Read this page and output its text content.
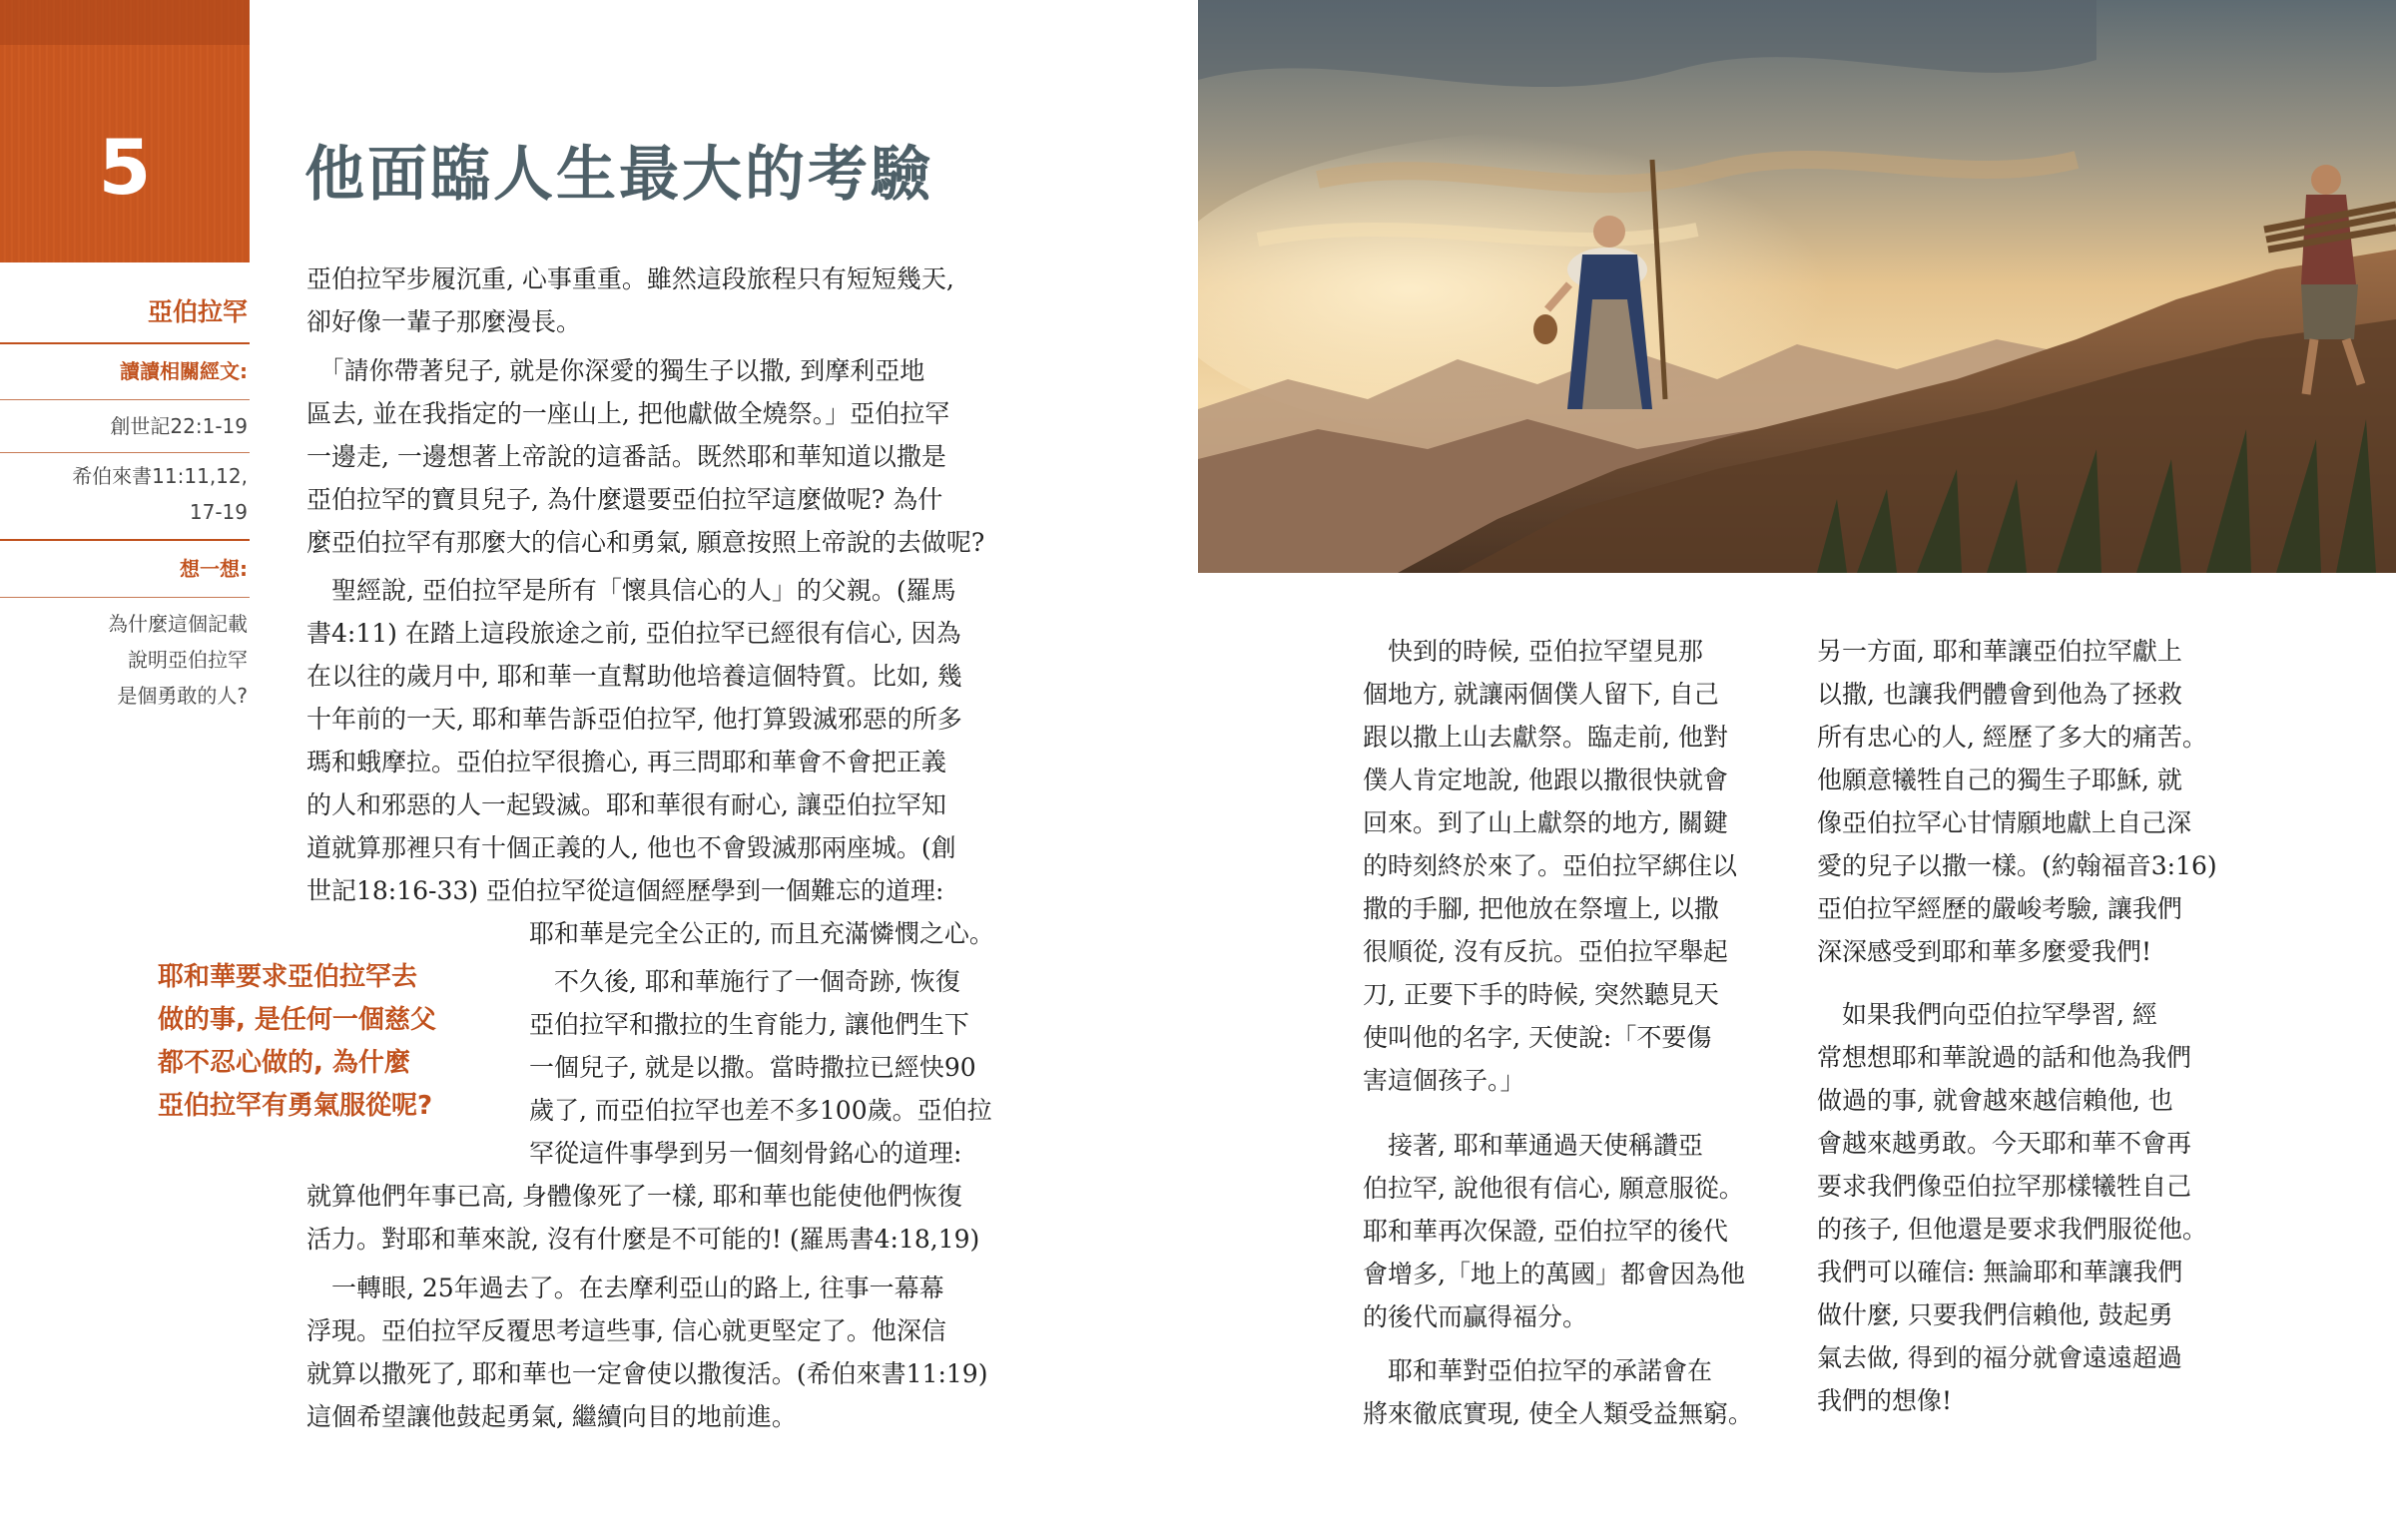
5
亞伯拉罕
讀讀相關經文:
創世記22:1-19
希伯來書11:11,12,
17-19
想一想:
為什麼這個記載
說明亞伯拉罕
是個勇敢的人?
他面臨人生最大的考驗
亞伯拉罕步履沉重, 心事重重。雖然這段旅程只有短短幾天,
卻好像一輩子那麼漫長。
　「請你帶著兒子, 就是你深愛的獨生子以撒, 到摩利亞地
區去, 並在我指定的一座山上, 把他獻做全燒祭。」亞伯拉罕
一邊走, 一邊想著上帝說的這番話。既然耶和華知道以撒是
亞伯拉罕的寶貝兒子, 為什麼還要亞伯拉罕這麼做呢? 為什
麼亞伯拉罕有那麼大的信心和勇氣, 願意按照上帝說的去做呢?
　聖經說, 亞伯拉罕是所有「懷具信心的人」的父親。(羅馬
書4:11) 在踏上這段旅途之前, 亞伯拉罕已經很有信心, 因為
在以往的歲月中, 耶和華一直幫助他培養這個特質。比如, 幾
十年前的一天, 耶和華告訴亞伯拉罕, 他打算毀滅邪惡的所多
瑪和蛾摩拉。亞伯拉罕很擔心, 再三問耶和華會不會把正義
的人和邪惡的人一起毀滅。耶和華很有耐心, 讓亞伯拉罕知
道就算那裡只有十個正義的人, 他也不會毀滅那兩座城。(創
世記18:16-33) 亞伯拉罕從這個經歷學到一個難忘的道理:
耶和華是完全公正的, 而且充滿憐憫之心。
　不久後, 耶和華施行了一個奇跡, 恢復
亞伯拉罕和撒拉的生育能力, 讓他們生下
一個兒子, 就是以撒。當時撒拉已經快90
歲了, 而亞伯拉罕也差不多100歲。亞伯拉
罕從這件事學到另一個刻骨銘心的道理:
就算他們年事已高, 身體像死了一樣, 耶和華也能使他們恢復
活力。對耶和華來說, 沒有什麼是不可能的! (羅馬書4:18,19)
　一轉眼, 25年過去了。在去摩利亞山的路上, 往事一幕幕
浮現。亞伯拉罕反覆思考這些事, 信心就更堅定了。他深信
就算以撒死了, 耶和華也一定會使以撒復活。(希伯來書11:19)
這個希望讓他鼓起勇氣, 繼續向目的地前進。
耶和華要求亞伯拉罕去
做的事, 是任何一個慈父
都不忍心做的, 為什麼
亞伯拉罕有勇氣服從呢?
　快到的時候, 亞伯拉罕望見那
個地方, 就讓兩個僕人留下, 自己
跟以撒上山去獻祭。臨走前, 他對
僕人肯定地說, 他跟以撒很快就會
回來。到了山上獻祭的地方, 關鍵
的時刻終於來了。亞伯拉罕綁住以
撒的手腳, 把他放在祭壇上, 以撒
很順從, 沒有反抗。亞伯拉罕舉起
刀, 正要下手的時候, 突然聽見天
使叫他的名字, 天使說:「不要傷
害這個孩子。」
　接著, 耶和華通過天使稱讚亞
伯拉罕, 說他很有信心, 願意服從。
耶和華再次保證, 亞伯拉罕的後代
會增多,「地上的萬國」都會因為他
的後代而贏得福分。
　耶和華對亞伯拉罕的承諾會在
將來徹底實現, 使全人類受益無窮。
另一方面, 耶和華讓亞伯拉罕獻上
以撒, 也讓我們體會到他為了拯救
所有忠心的人, 經歷了多大的痛苦。
他願意犧牲自己的獨生子耶穌, 就
像亞伯拉罕心甘情願地獻上自己深
愛的兒子以撒一樣。(約翰福音3:16)
亞伯拉罕經歷的嚴峻考驗, 讓我們
深深感受到耶和華多麼愛我們!
　如果我們向亞伯拉罕學習, 經
常想想耶和華說過的話和他為我們
做過的事, 就會越來越信賴他, 也
會越來越勇敢。今天耶和華不會再
要求我們像亞伯拉罕那樣犧牲自己
的孩子, 但他還是要求我們服從他。
我們可以確信: 無論耶和華讓我們
做什麼, 只要我們信賴他, 鼓起勇
氣去做, 得到的福分就會遠遠超過
我們的想像!
